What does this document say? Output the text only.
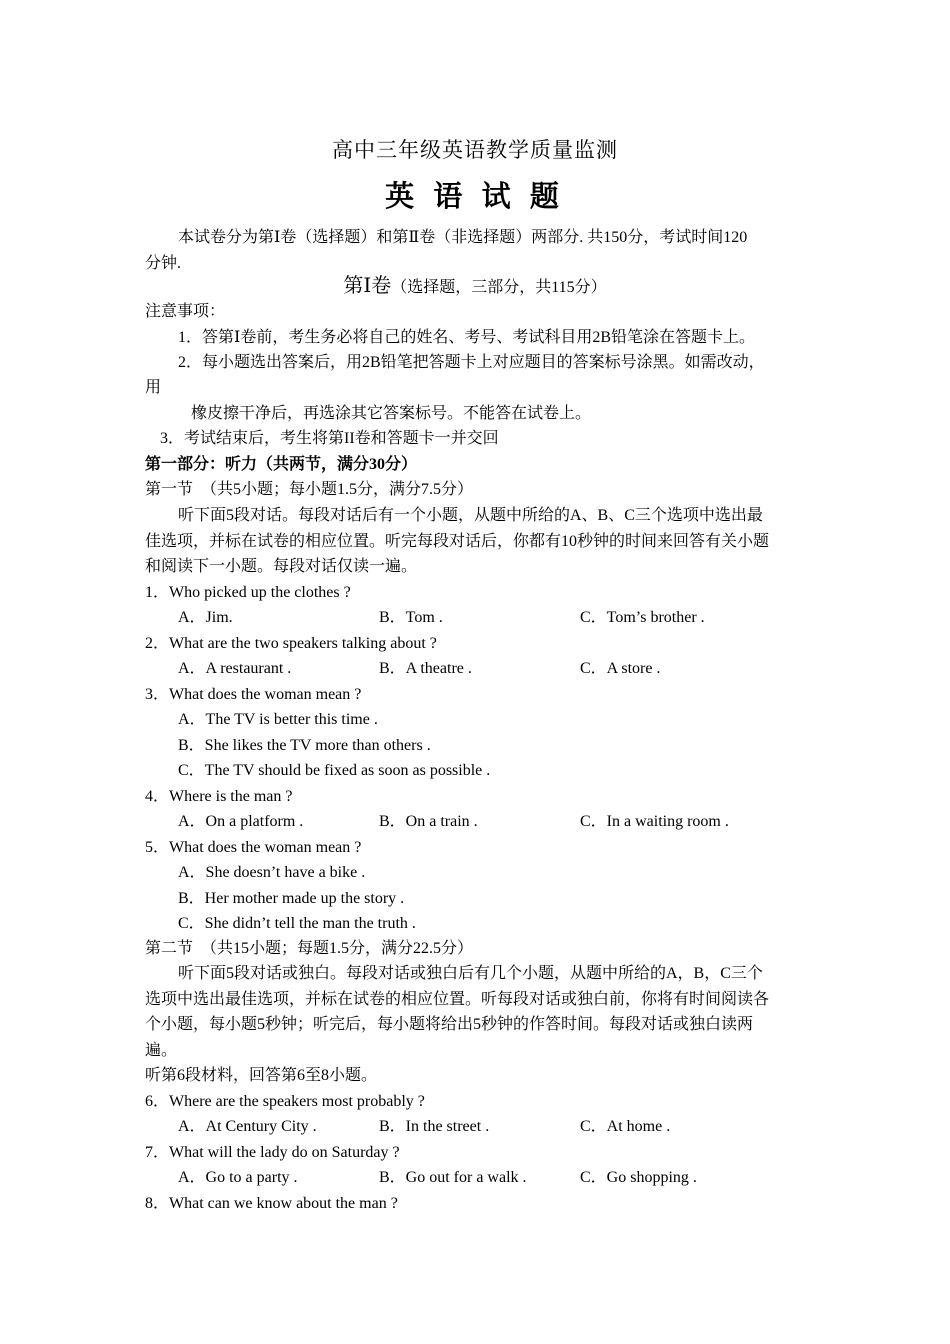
高中三年级英语教学质量监测
英 语 试 题
本试卷分为第Ⅰ卷（选择题）和第Ⅱ卷（非选择题）两部分. 共150分，考试时间120
分钟.
第Ⅰ卷（选择题，三部分，共115分）
注意事项：
1．答第Ⅰ卷前，考生务必将自己的姓名、考号、考试科目用2B铅笔涂在答题卡上。
2．每小题选出答案后，用2B铅笔把答题卡上对应题目的答案标号涂黑。如需改动，
用
橡皮擦干净后，再选涂其它答案标号。不能答在试卷上。
3．考试结束后，考生将第II卷和答题卡一并交回
第一部分：听力（共两节，满分30分）
第一节　（共5小题；每小题1.5分，满分7.5分）
听下面5段对话。每段对话后有一个小题，从题中所给的A、B、C三个选项中选出最
佳选项，并标在试卷的相应位置。听完每段对话后，你都有10秒钟的时间来回答有关小题
和阅读下一小题。每段对话仅读一遍。
1．Who picked up the clothes ?
A．Jim.	B．Tom .	C．Tom’s brother .
2．What are the two speakers talking about ?
A．A restaurant .	B．A theatre .	C．A store .
3．What does the woman mean ?
A．The TV is better this time .
B．She likes the TV more than others .
C．The TV should be fixed as soon as possible .
4．Where is the man ?
A．On a platform .	B．On a train .	C．In a waiting room .
5．What does the woman mean ?
A．She doesn’t have a bike .
B．Her mother made up the story .
C．She didn’t tell the man the truth .
第二节　（共15小题；每题1.5分，满分22.5分）
听下面5段对话或独白。每段对话或独白后有几个小题，从题中所给的A，B，C三个
选项中选出最佳选项，并标在试卷的相应位置。听每段对话或独白前，你将有时间阅读各
个小题，每小题5秒钟；听完后，每小题将给出5秒钟的作答时间。每段对话或独白读两
遍。
听第6段材料，回答第6至8小题。
6．Where are the speakers most probably ?
A．At Century City .	B．In the street .	C．At home .
7．What will the lady do on Saturday ?
A．Go to a party .	B．Go out for a walk .	C．Go shopping .
8．What can we know about the man ?
